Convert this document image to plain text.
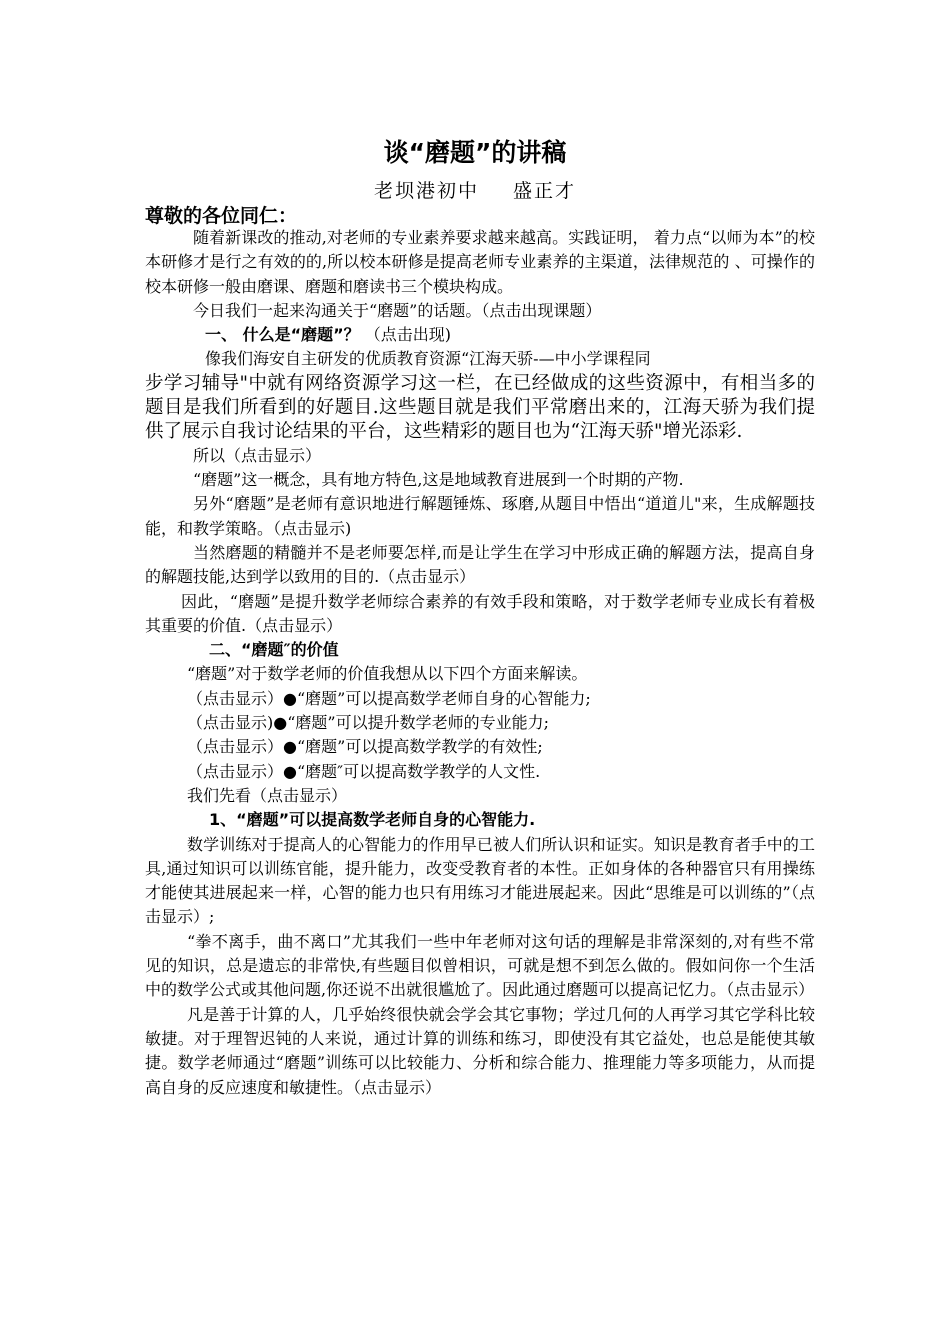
谈“磨题”的讲稿
老坝港初中 盛正才
尊敬的各位同仁：

随着新课改的推动,对老师的专业素养要求越来越高。实践证明， 着力点“以师为本”的校本研修才是行之有效的的,所以校本研修是提高老师专业素养的主渠道，法律规范的 、可操作的校本研修一般由磨课、磨题和磨读书三个模块构成。

今日我们一起来沟通关于“磨题”的话题。（点击出现课题）

一、 什么是“磨题”？ （点击出现)

像我们海安自主研发的优质教育资源“江海天骄-—中小学课程同

步学习辅导"中就有网络资源学习这一栏，在已经做成的这些资源中，有相当多的题目是我们所看到的好题目.这些题目就是我们平常磨出来的，江海天骄为我们提供了展示自我讨论结果的平台，这些精彩的题目也为“江海天骄"增光添彩.

所以（点击显示）

“磨题”这一概念，具有地方特色,这是地域教育进展到一个时期的产物.

另外“磨题”是老师有意识地进行解题锤炼、琢磨,从题目中悟出“道道儿"来，生成解题技能，和教学策略。（点击显示)

当然磨题的精髓并不是老师要怎样,而是让学生在学习中形成正确的解题方法，提高自身的解题技能,达到学以致用的目的.（点击显示）

因此，“磨题”是提升数学老师综合素养的有效手段和策略，对于数学老师专业成长有着极其重要的价值.（点击显示）

二、“磨题″的价值

“磨题”对于数学老师的价值我想从以下四个方面来解读。

（点击显示）●“磨题”可以提高数学老师自身的心智能力;

（点击显示)●“磨题”可以提升数学老师的专业能力;

（点击显示）●“磨题”可以提高数学教学的有效性;

（点击显示）●“磨题″可以提高数学教学的人文性.

我们先看（点击显示）

1、“磨题”可以提高数学老师自身的心智能力.

数学训练对于提高人的心智能力的作用早已被人们所认识和证实。知识是教育者手中的工具,通过知识可以训练官能，提升能力，改变受教育者的本性。正如身体的各种器官只有用操练才能使其进展起来一样，心智的能力也只有用练习才能进展起来。因此“思维是可以训练的”（点击显示）;

“拳不离手，曲不离口”尤其我们一些中年老师对这句话的理解是非常深刻的,对有些不常见的知识，总是遗忘的非常快,有些题目似曾相识，可就是想不到怎么做的。假如问你一个生活中的数学公式或其他问题,你还说不出就很尴尬了。因此通过磨题可以提高记忆力。（点击显示）

凡是善于计算的人，几乎始终很快就会学会其它事物；学过几何的人再学习其它学科比较敏捷。对于理智迟钝的人来说，通过计算的训练和练习，即使没有其它益处，也总是能使其敏捷。数学老师通过“磨题”训练可以比较能力、分析和综合能力、推理能力等多项能力，从而提高自身的反应速度和敏捷性。（点击显示）
